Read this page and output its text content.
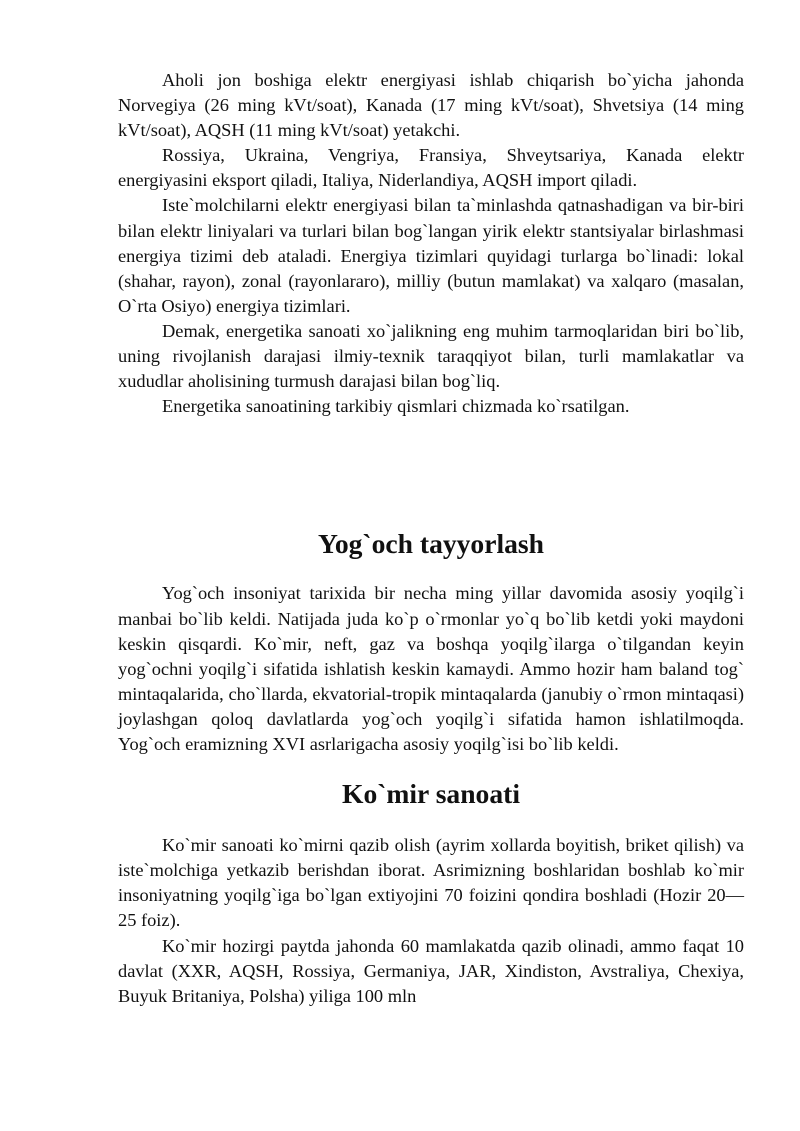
Aholi jon boshiga elektr energiyasi ishlab chiqarish bo`yicha jahonda Norvegiya (26 ming kVt/soat), Kanada (17 ming kVt/soat), Shvetsiya (14 ming kVt/soat), AQSH (11 ming kVt/soat) yetakchi.

Rossiya, Ukraina, Vengriya, Fransiya, Shveytsariya, Kanada elektr energiyasini eksport qiladi, Italiya, Niderlandiya, AQSH import qiladi.

Iste`molchilarni elektr energiyasi bilan ta`minlashda qatnashadigan va bir-biri bilan elektr liniyalari va turlari bilan bog`langan yirik elektr stantsiyalar birlashmasi energiya tizimi deb ataladi. Energiya tizimlari quyidagi turlarga bo`linadi: lokal (shahar, rayon), zonal (rayonlararo), milliy (butun mamlakat) va xalqaro (masalan, O`rta Osiyo) energiya tizimlari.

Demak, energetika sanoati xo`jalikning eng muhim tarmoqlaridan biri bo`lib, uning rivojlanish darajasi ilmiy-texnik taraqqiyot bilan, turli mamlakatlar va xududlar aholisining turmush darajasi bilan bog`liq.

Energetika sanoatining tarkibiy qismlari chizmada ko`rsatilgan.

Yog`och tayyorlash

Yog`och insoniyat tarixida bir necha ming yillar davomida asosiy yoqilg`i manbai bo`lib keldi. Natijada juda ko`p o`rmonlar yo`q bo`lib ketdi yoki maydoni keskin qisqardi. Ko`mir, neft, gaz va boshqa yoqilg`ilarga o`tilgandan keyin yog`ochni yoqilg`i sifatida ishlatish keskin kamaydi. Ammo hozir ham baland tog` mintaqalarida, cho`llarda, ekvatorial-tropik mintaqalarda (janubiy o`rmon mintaqasi) joylashgan qoloq davlatlarda yog`och yoqilg`i sifatida hamon ishlatilmoqda. Yog`och eramizning XVI asrlarigacha asosiy yoqilg`isi bo`lib keldi.

Ko`mir sanoati

Ko`mir sanoati ko`mirni qazib olish (ayrim xollarda boyitish, briket qilish) va iste`molchiga yetkazib berishdan iborat. Asrimizning boshlaridan boshlab ko`mir insoniyatning yoqilg`iga bo`lgan extiyojini 70 foizini qondira boshladi (Hozir 20—25 foiz).

Ko`mir hozirgi paytda jahonda 60 mamlakatda qazib olinadi, ammo faqat 10 davlat (XXR, AQSH, Rossiya, Germaniya, JAR, Xindiston, Avstraliya, Chexiya, Buyuk Britaniya, Polsha) yiliga 100 mln
